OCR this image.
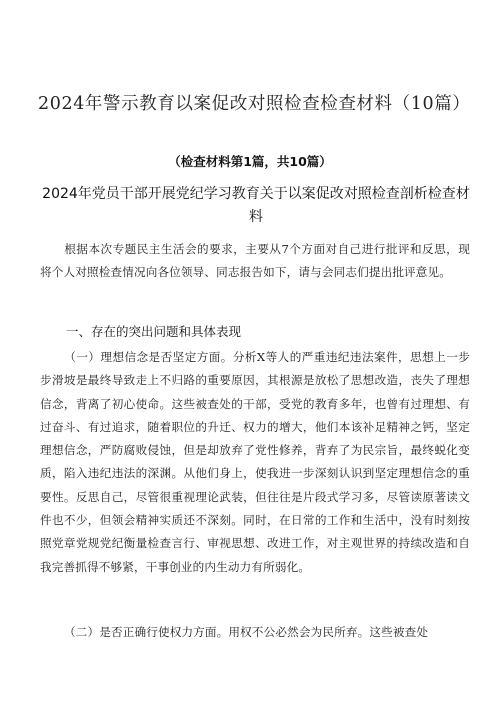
2024年警示教育以案促改对照检查检查材料（10篇）
（检查材料第1篇，共10篇）
2024年党员干部开展党纪学习教育关于以案促改对照检查剖析检查材料
根据本次专题民主生活会的要求，主要从7个方面对自己进行批评和反思，现将个人对照检查情况向各位领导、同志报告如下，请与会同志们提出批评意见。
一、存在的突出问题和具体表现
（一）理想信念是否坚定方面。分析X等人的严重违纪违法案件，思想上一步步滑坡是最终导致走上不归路的重要原因，其根源是放松了思想改造，丧失了理想信念，背离了初心使命。这些被查处的干部，受党的教育多年，也曾有过理想、有过奋斗、有过追求，随着职位的升迁、权力的增大，他们本该补足精神之钙，坚定理想信念，严防腐败侵蚀，但是却放弃了党性修养，背弃了为民宗旨，最终蜕化变质，陷入违纪违法的深渊。从他们身上，使我进一步深刻认识到坚定理想信念的重要性。反思自己，尽管很重视理论武装，但往往是片段式学习多，尽管读原著读文件也不少，但领会精神实质还不深刻。同时，在日常的工作和生活中，没有时刻按照党章党规党纪衡量检查言行、审视思想、改进工作，对主观世界的持续改造和自我完善抓得不够紧，干事创业的内生动力有所弱化。
（二）是否正确行使权力方面。用权不公必然会为民所弃。这些被查处
